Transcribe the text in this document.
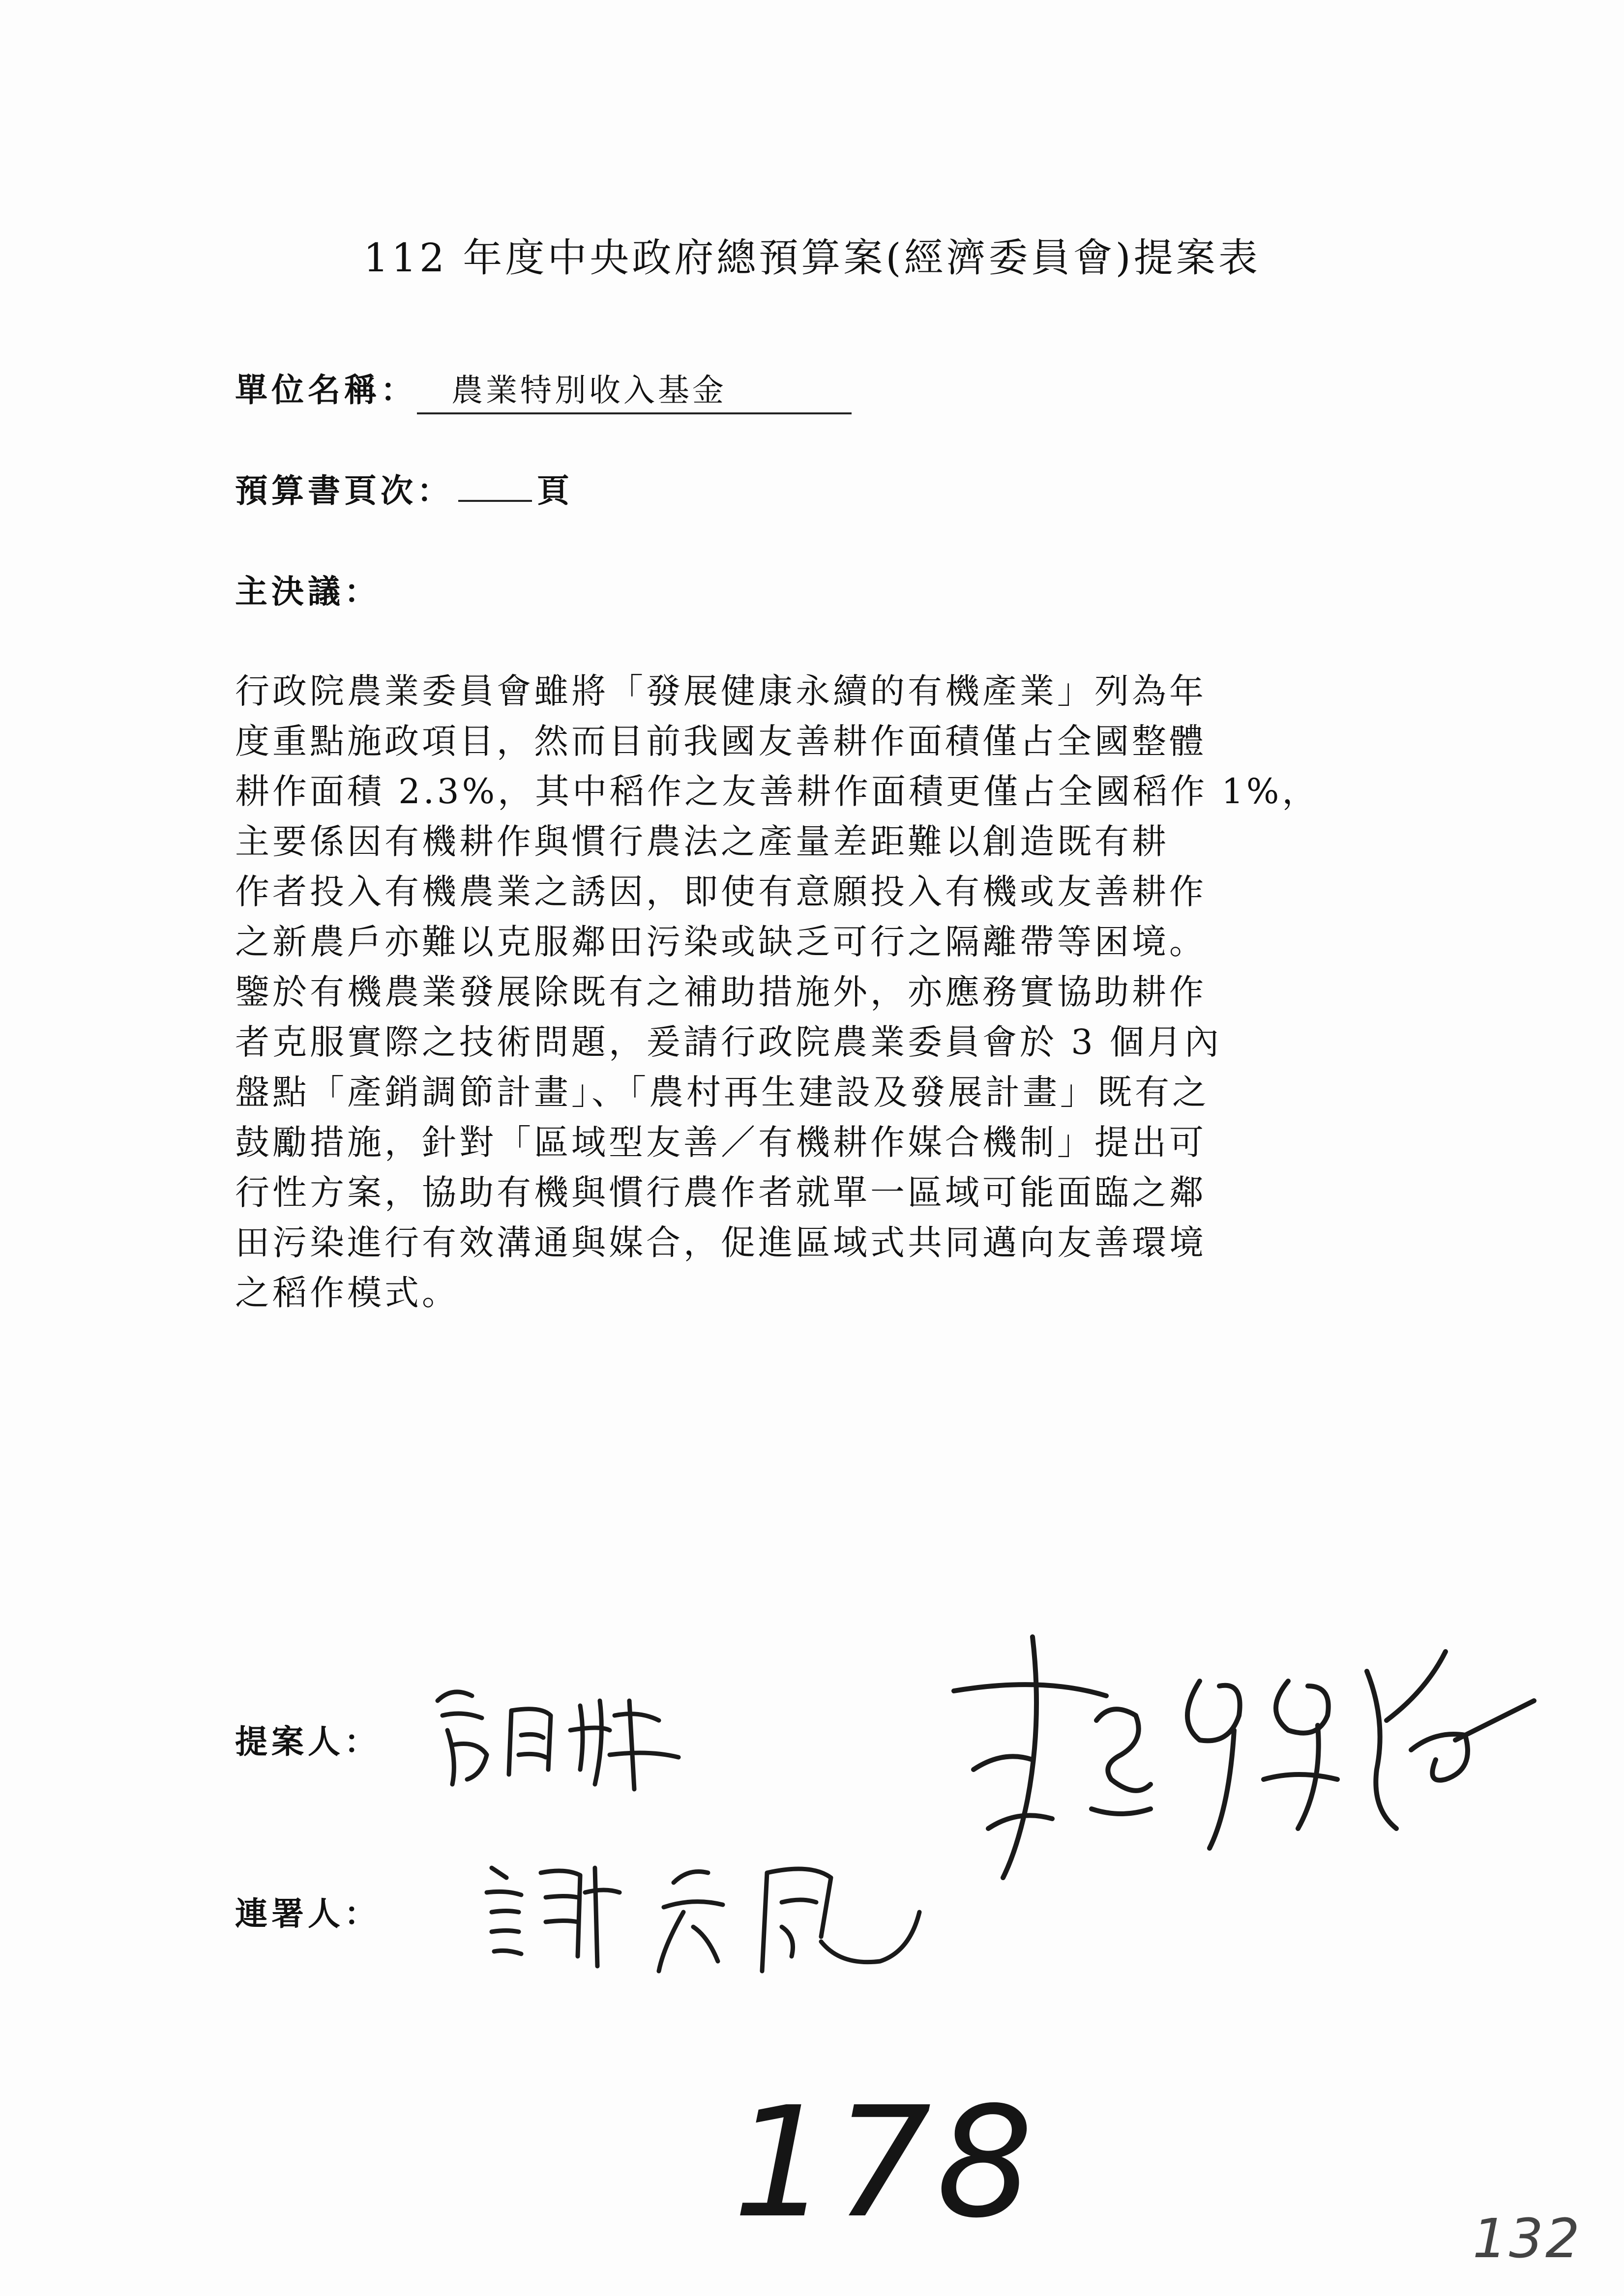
112 年度中央政府總預算案(經濟委員會)提案表
單位名稱： 農業特別收入基金
預算書頁次：	頁
主決議：
行政院農業委員會雖將「發展健康永續的有機產業」列為年
度重點施政項目，然而目前我國友善耕作面積僅占全國整體
耕作面積 2.3%，其中稻作之友善耕作面積更僅占全國稻作 1%，
主要係因有機耕作與慣行農法之產量差距難以創造既有耕
作者投入有機農業之誘因，即使有意願投入有機或友善耕作
之新農戶亦難以克服鄰田污染或缺乏可行之隔離帶等困境。
鑒於有機農業發展除既有之補助措施外，亦應務實協助耕作
者克服實際之技術問題，爰請行政院農業委員會於 3 個月內
盤點「產銷調節計畫」、「農村再生建設及發展計畫」既有之
鼓勵措施，針對「區域型友善／有機耕作媒合機制」提出可
行性方案，協助有機與慣行農作者就單一區域可能面臨之鄰
田污染進行有效溝通與媒合，促進區域式共同邁向友善環境
之稻作模式。
提案人：
連署人：
178	132
